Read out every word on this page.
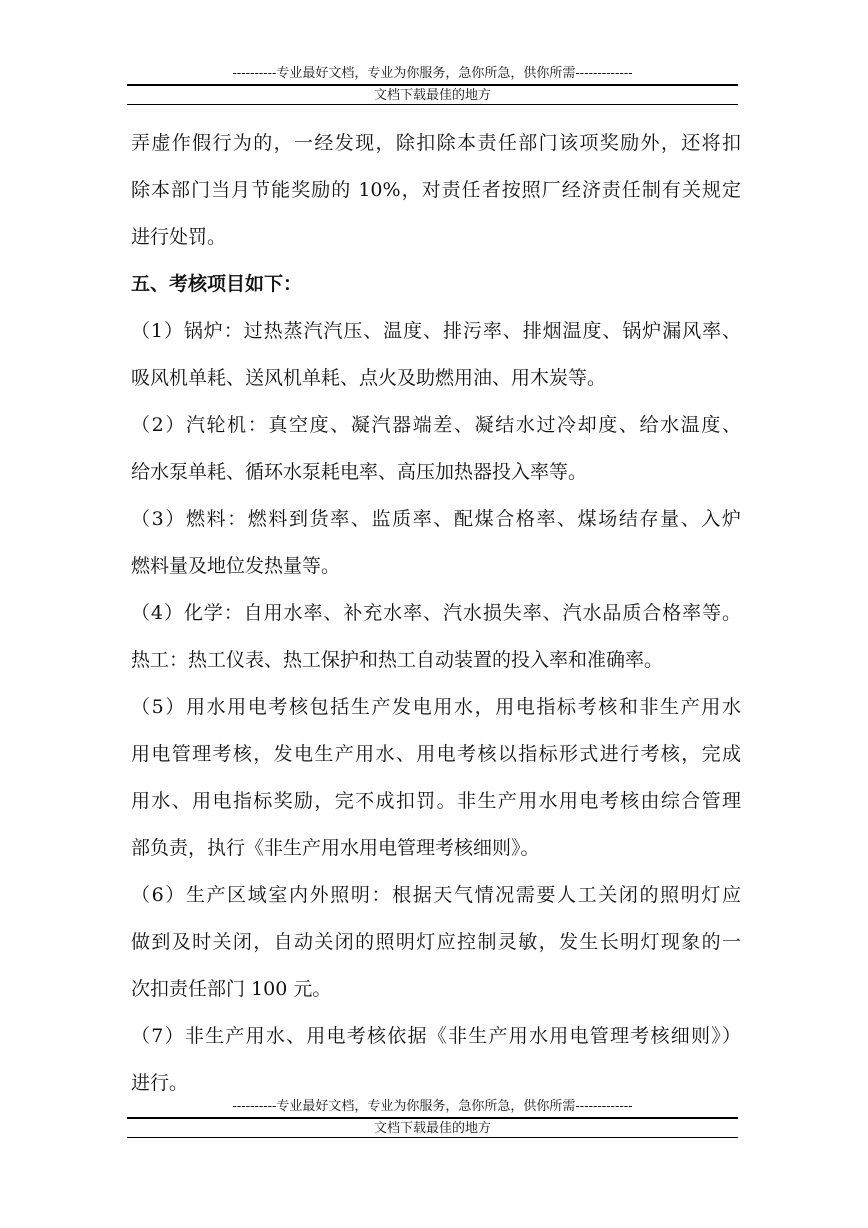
----------专业最好文档，专业为你服务，急你所急，供你所需-------------
文档下载最佳的地方
弄虚作假行为的，一经发现，除扣除本责任部门该项奖励外，还将扣
除本部门当月节能奖励的 10%，对责任者按照厂经济责任制有关规定
进行处罚。
五、考核项目如下：
（1）锅炉：过热蒸汽汽压、温度、排污率、排烟温度、锅炉漏风率、
吸风机单耗、送风机单耗、点火及助燃用油、用木炭等。
（2）汽轮机：真空度、凝汽器端差、凝结水过冷却度、给水温度、
给水泵单耗、循环水泵耗电率、高压加热器投入率等。
（3）燃料：燃料到货率、监质率、配煤合格率、煤场结存量、入炉
燃料量及地位发热量等。
（4）化学：自用水率、补充水率、汽水损失率、汽水品质合格率等。
热工：热工仪表、热工保护和热工自动装置的投入率和准确率。
（5）用水用电考核包括生产发电用水，用电指标考核和非生产用水
用电管理考核，发电生产用水、用电考核以指标形式进行考核，完成
用水、用电指标奖励，完不成扣罚。非生产用水用电考核由综合管理
部负责，执行《非生产用水用电管理考核细则》。
（6）生产区域室内外照明：根据天气情况需要人工关闭的照明灯应
做到及时关闭，自动关闭的照明灯应控制灵敏，发生长明灯现象的一
次扣责任部门 100 元。
（7）非生产用水、用电考核依据《非生产用水用电管理考核细则》）
进行。
----------专业最好文档，专业为你服务，急你所急，供你所需-------------
文档下载最佳的地方
